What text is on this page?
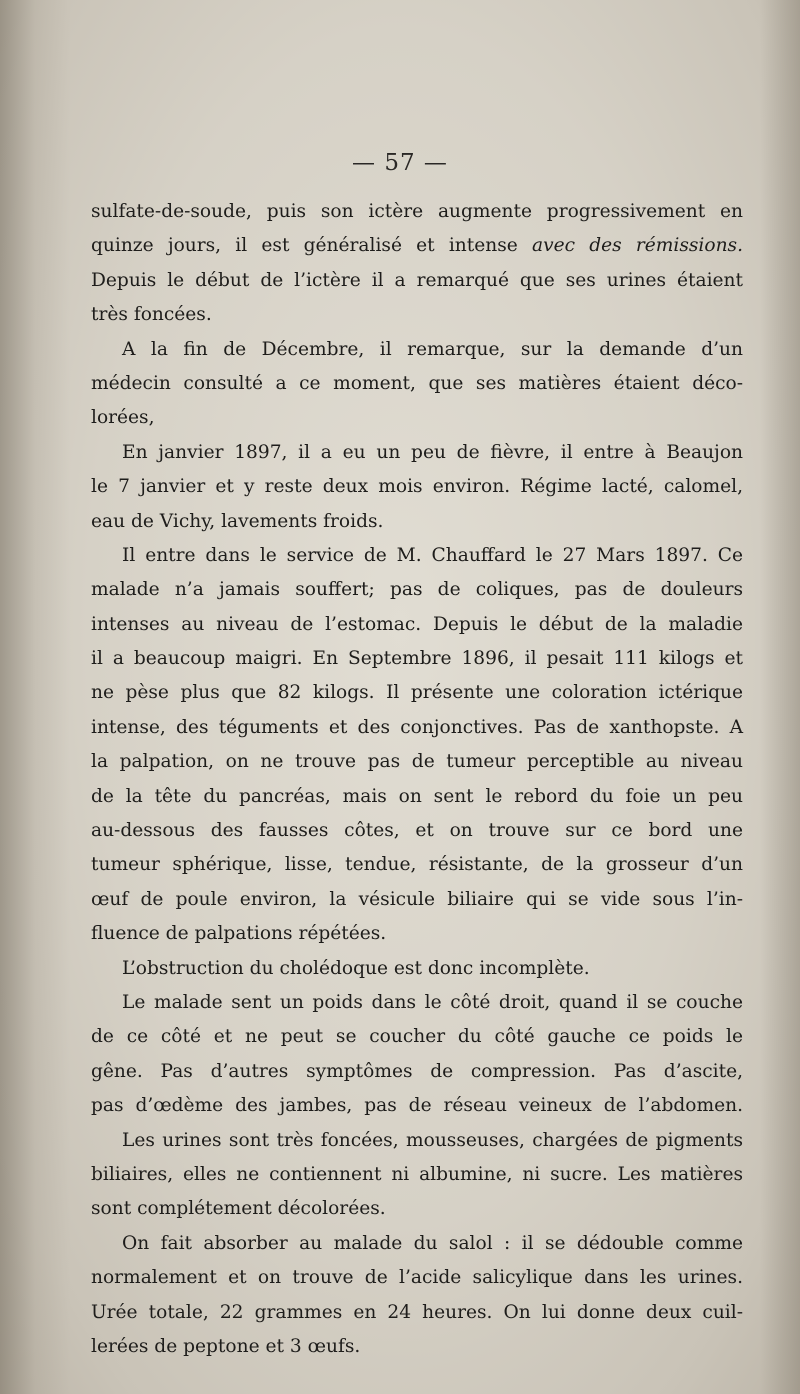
— 57 —
sulfate-de-soude, puis son ictère augmente progressivement en
quinze jours, il est généralisé et intense avec des rémissions.
Depuis le début de l’ictère il a remarqué que ses urines étaient
très foncées.
A la fin de Décembre, il remarque, sur la demande d’un
médecin consulté a ce moment, que ses matières étaient déco-
lorées,
En janvier 1897, il a eu un peu de fièvre, il entre à Beaujon
le 7 janvier et y reste deux mois environ. Régime lacté, calomel,
eau de Vichy, lavements froids.
Il entre dans le service de M. Chauffard le 27 Mars 1897. Ce
malade n’a jamais souffert; pas de coliques, pas de douleurs
intenses au niveau de l’estomac. Depuis le début de la maladie
il a beaucoup maigri. En Septembre 1896, il pesait 111 kilogs et
ne pèse plus que 82 kilogs. Il présente une coloration ictérique
intense, des téguments et des conjonctives. Pas de xanthopste. A
la palpation, on ne trouve pas de tumeur perceptible au niveau
de la tête du pancréas, mais on sent le rebord du foie un peu
au-dessous des fausses côtes, et on trouve sur ce bord une
tumeur sphérique, lisse, tendue, résistante, de la grosseur d’un
œuf de poule environ, la vésicule biliaire qui se vide sous l’in-
fluence de palpations répétées.
L’obstruction du cholédoque est donc incomplète.
Le malade sent un poids dans le côté droit, quand il se couche
de ce côté et ne peut se coucher du côté gauche ce poids le
gêne. Pas d’autres symptômes de compression. Pas d’ascite,
pas d’œdème des jambes, pas de réseau veineux de l’abdomen.
Les urines sont très foncées, mousseuses, chargées de pigments
biliaires, elles ne contiennent ni albumine, ni sucre. Les matières
sont complétement décolorées.
On fait absorber au malade du salol : il se dédouble comme
normalement et on trouve de l’acide salicylique dans les urines.
Urée totale, 22 grammes en 24 heures. On lui donne deux cuil-
lerées de peptone et 3 œufs.
